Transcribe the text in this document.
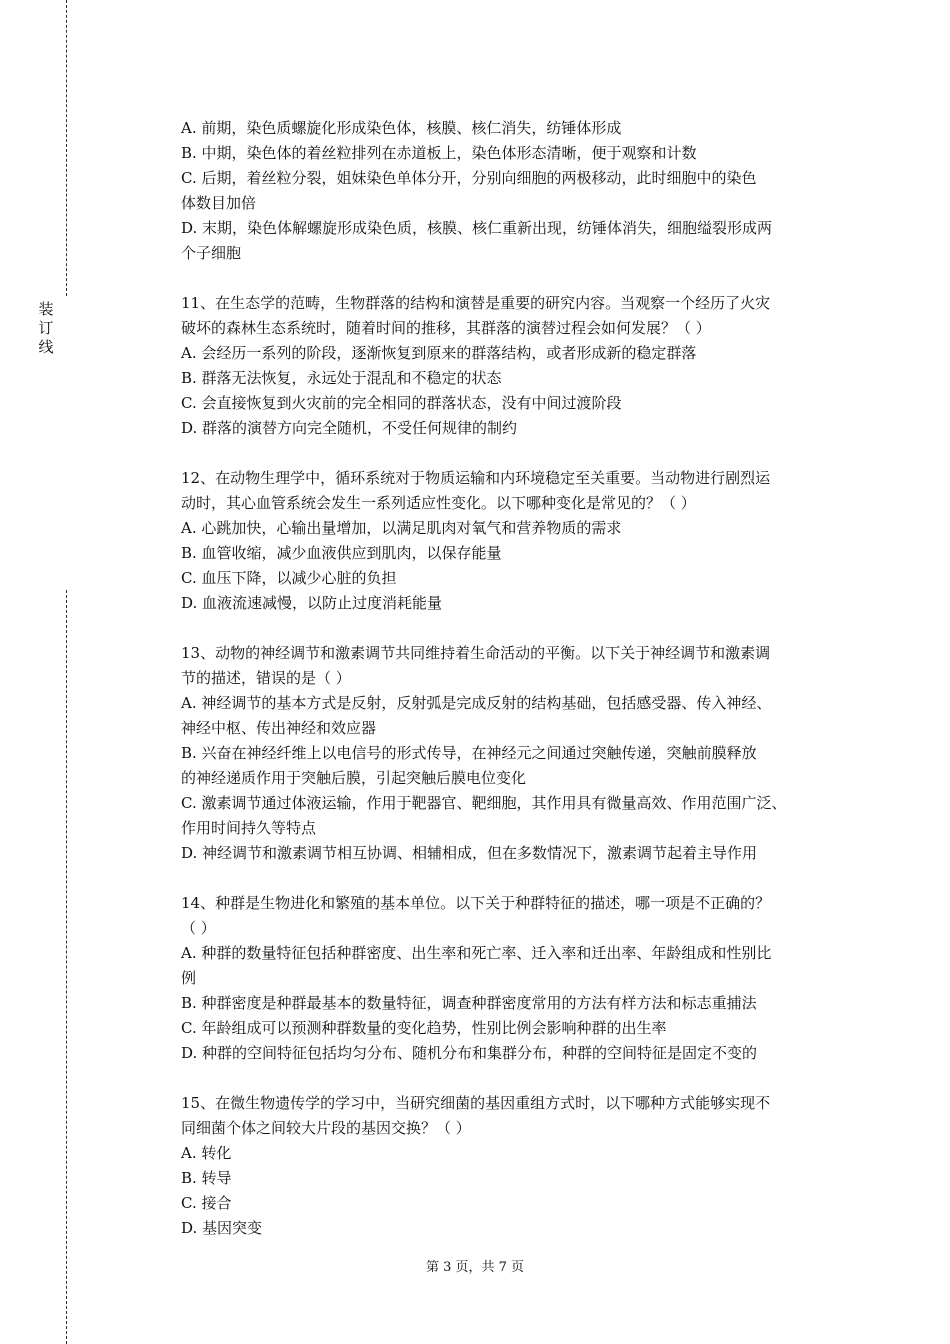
装订线
A. 前期，染色质螺旋化形成染色体，核膜、核仁消失，纺锤体形成
B. 中期，染色体的着丝粒排列在赤道板上，染色体形态清晰，便于观察和计数
C. 后期，着丝粒分裂，姐妹染色单体分开，分别向细胞的两极移动，此时细胞中的染色
体数目加倍
D. 末期，染色体解螺旋形成染色质，核膜、核仁重新出现，纺锤体消失，细胞缢裂形成两
个子细胞
11、在生态学的范畴，生物群落的结构和演替是重要的研究内容。当观察一个经历了火灾
破坏的森林生态系统时，随着时间的推移，其群落的演替过程会如何发展？（ ）
A. 会经历一系列的阶段，逐渐恢复到原来的群落结构，或者形成新的稳定群落
B. 群落无法恢复，永远处于混乱和不稳定的状态
C. 会直接恢复到火灾前的完全相同的群落状态，没有中间过渡阶段
D. 群落的演替方向完全随机，不受任何规律的制约
12、在动物生理学中，循环系统对于物质运输和内环境稳定至关重要。当动物进行剧烈运
动时，其心血管系统会发生一系列适应性变化。以下哪种变化是常见的？（ ）
A. 心跳加快，心输出量增加，以满足肌肉对氧气和营养物质的需求
B. 血管收缩，减少血液供应到肌肉，以保存能量
C. 血压下降，以减少心脏的负担
D. 血液流速减慢，以防止过度消耗能量
13、动物的神经调节和激素调节共同维持着生命活动的平衡。以下关于神经调节和激素调
节的描述，错误的是（ ）
A. 神经调节的基本方式是反射，反射弧是完成反射的结构基础，包括感受器、传入神经、
神经中枢、传出神经和效应器
B. 兴奋在神经纤维上以电信号的形式传导，在神经元之间通过突触传递，突触前膜释放
的神经递质作用于突触后膜，引起突触后膜电位变化
C. 激素调节通过体液运输，作用于靶器官、靶细胞，其作用具有微量高效、作用范围广泛、
作用时间持久等特点
D. 神经调节和激素调节相互协调、相辅相成，但在多数情况下，激素调节起着主导作用
14、种群是生物进化和繁殖的基本单位。以下关于种群特征的描述，哪一项是不正确的？
（ ）
A. 种群的数量特征包括种群密度、出生率和死亡率、迁入率和迁出率、年龄组成和性别比
例
B. 种群密度是种群最基本的数量特征，调查种群密度常用的方法有样方法和标志重捕法
C. 年龄组成可以预测种群数量的变化趋势，性别比例会影响种群的出生率
D. 种群的空间特征包括均匀分布、随机分布和集群分布，种群的空间特征是固定不变的
15、在微生物遗传学的学习中，当研究细菌的基因重组方式时，以下哪种方式能够实现不
同细菌个体之间较大片段的基因交换？（ ）
A. 转化
B. 转导
C. 接合
D. 基因突变
第 3 页，共 7 页
